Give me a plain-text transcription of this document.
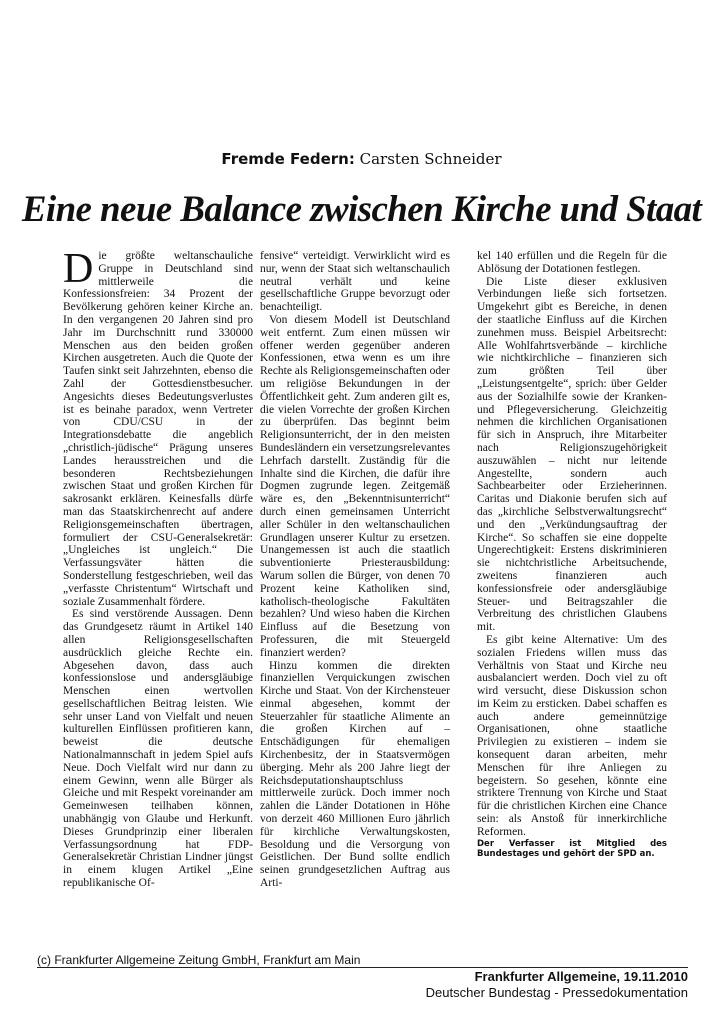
Fremde Federn: Carsten Schneider
Eine neue Balance zwischen Kirche und Staat

Die größte weltanschauliche Gruppe in Deutschland sind mittlerweile die Konfessionsfreien: 34 Prozent der Bevölkerung gehören keiner Kirche an. In den vergangenen 20 Jahren sind pro Jahr im Durchschnitt rund 330000 Menschen aus den beiden großen Kirchen ausgetreten. Auch die Quote der Taufen sinkt seit Jahrzehnten, ebenso die Zahl der Gottesdienstbesucher. Angesichts dieses Bedeutungsverlustes ist es beinahe paradox, wenn Vertreter von CDU/CSU in der Integrationsdebatte die angeblich „christlich-jüdische“ Prägung unseres Landes herausstreichen und die besonderen Rechtsbeziehungen zwischen Staat und großen Kirchen für sakrosankt erklären. Keinesfalls dürfe man das Staatskirchenrecht auf andere Religionsgemeinschaften übertragen, formuliert der CSU-Generalsekretär: „Ungleiches ist ungleich.“ Die Verfassungsväter hätten die Sonderstellung festgeschrieben, weil das „verfasste Christentum“ Wirtschaft und soziale Zusammenhalt fördere.

Es sind verstörende Aussagen. Denn das Grundgesetz räumt in Artikel 140 allen Religionsgesellschaften ausdrücklich gleiche Rechte ein. Abgesehen davon, dass auch konfessionslose und andersgläubige Menschen einen wertvollen gesellschaftlichen Beitrag leisten. Wie sehr unser Land von Vielfalt und neuen kulturellen Einflüssen profitieren kann, beweist die deutsche Nationalmannschaft in jedem Spiel aufs Neue. Doch Vielfalt wird nur dann zu einem Gewinn, wenn alle Bürger als Gleiche und mit Respekt voreinander am Gemeinwesen teilhaben können, unabhängig von Glaube und Herkunft. Dieses Grundprinzip einer liberalen Verfassungsordnung hat FDP-Generalsekretär Christian Lindner jüngst in einem klugen Artikel „Eine republikanische Of-

fensive“ verteidigt. Verwirklicht wird es nur, wenn der Staat sich weltanschaulich neutral verhält und keine gesellschaftliche Gruppe bevorzugt oder benachteiligt.

Von diesem Modell ist Deutschland weit entfernt. Zum einen müssen wir offener werden gegenüber anderen Konfessionen, etwa wenn es um ihre Rechte als Religionsgemeinschaften oder um religiöse Bekundungen in der Öffentlichkeit geht. Zum anderen gilt es, die vielen Vorrechte der großen Kirchen zu überprüfen. Das beginnt beim Religionsunterricht, der in den meisten Bundesländern ein versetzungsrelevantes Lehrfach darstellt. Zuständig für die Inhalte sind die Kirchen, die dafür ihre Dogmen zugrunde legen. Zeitgemäß wäre es, den „Bekenntnisunterricht“ durch einen gemeinsamen Unterricht aller Schüler in den weltanschaulichen Grundlagen unserer Kultur zu ersetzen. Unangemessen ist auch die staatlich subventionierte Priesterausbildung: Warum sollen die Bürger, von denen 70 Prozent keine Katholiken sind, katholisch-theologische Fakultäten bezahlen? Und wieso haben die Kirchen Einfluss auf die Besetzung von Professuren, die mit Steuergeld finanziert werden?

Hinzu kommen die direkten finanziellen Verquickungen zwischen Kirche und Staat. Von der Kirchensteuer einmal abgesehen, kommt der Steuerzahler für staatliche Alimente an die großen Kirchen auf – Entschädigungen für ehemaligen Kirchenbesitz, der in Staatsvermögen überging. Mehr als 200 Jahre liegt der Reichsdeputationshauptschluss mittlerweile zurück. Doch immer noch zahlen die Länder Dotationen in Höhe von derzeit 460 Millionen Euro jährlich für kirchliche Verwaltungskosten, Besoldung und die Versorgung von Geistlichen. Der Bund sollte endlich seinen grundgesetzlichen Auftrag aus Arti-

kel 140 erfüllen und die Regeln für die Ablösung der Dotationen festlegen.

Die Liste dieser exklusiven Verbindungen ließe sich fortsetzen. Umgekehrt gibt es Bereiche, in denen der staatliche Einfluss auf die Kirchen zunehmen muss. Beispiel Arbeitsrecht: Alle Wohlfahrtsverbände – kirchliche wie nichtkirchliche – finanzieren sich zum größten Teil über „Leistungsentgelte“, sprich: über Gelder aus der Sozialhilfe sowie der Kranken- und Pflegeversicherung. Gleichzeitig nehmen die kirchlichen Organisationen für sich in Anspruch, ihre Mitarbeiter nach Religionszugehörigkeit auszuwählen – nicht nur leitende Angestellte, sondern auch Sachbearbeiter oder Erzieherinnen. Caritas und Diakonie berufen sich auf das „kirchliche Selbstverwaltungsrecht“ und den „Verkündungsauftrag der Kirche“. So schaffen sie eine doppelte Ungerechtigkeit: Erstens diskriminieren sie nichtchristliche Arbeitsuchende, zweitens finanzieren auch konfessionsfreie oder andersgläubige Steuer- und Beitragszahler die Verbreitung des christlichen Glaubens mit.

Es gibt keine Alternative: Um des sozialen Friedens willen muss das Verhältnis von Staat und Kirche neu ausbalanciert werden. Doch viel zu oft wird versucht, diese Diskussion schon im Keim zu ersticken. Dabei schaffen es auch andere gemeinnützige Organisationen, ohne staatliche Privilegien zu existieren – indem sie konsequent daran arbeiten, mehr Menschen für ihre Anliegen zu begeistern. So gesehen, könnte eine striktere Trennung von Kirche und Staat für die christlichen Kirchen eine Chance sein: als Anstoß für innerkirchliche Reformen.

Der Verfasser ist Mitglied des Bundestages und gehört der SPD an.

(c) Frankfurter Allgemeine Zeitung GmbH, Frankfurt am Main
Frankfurter Allgemeine, 19.11.2010
Deutscher Bundestag - Pressedokumentation
